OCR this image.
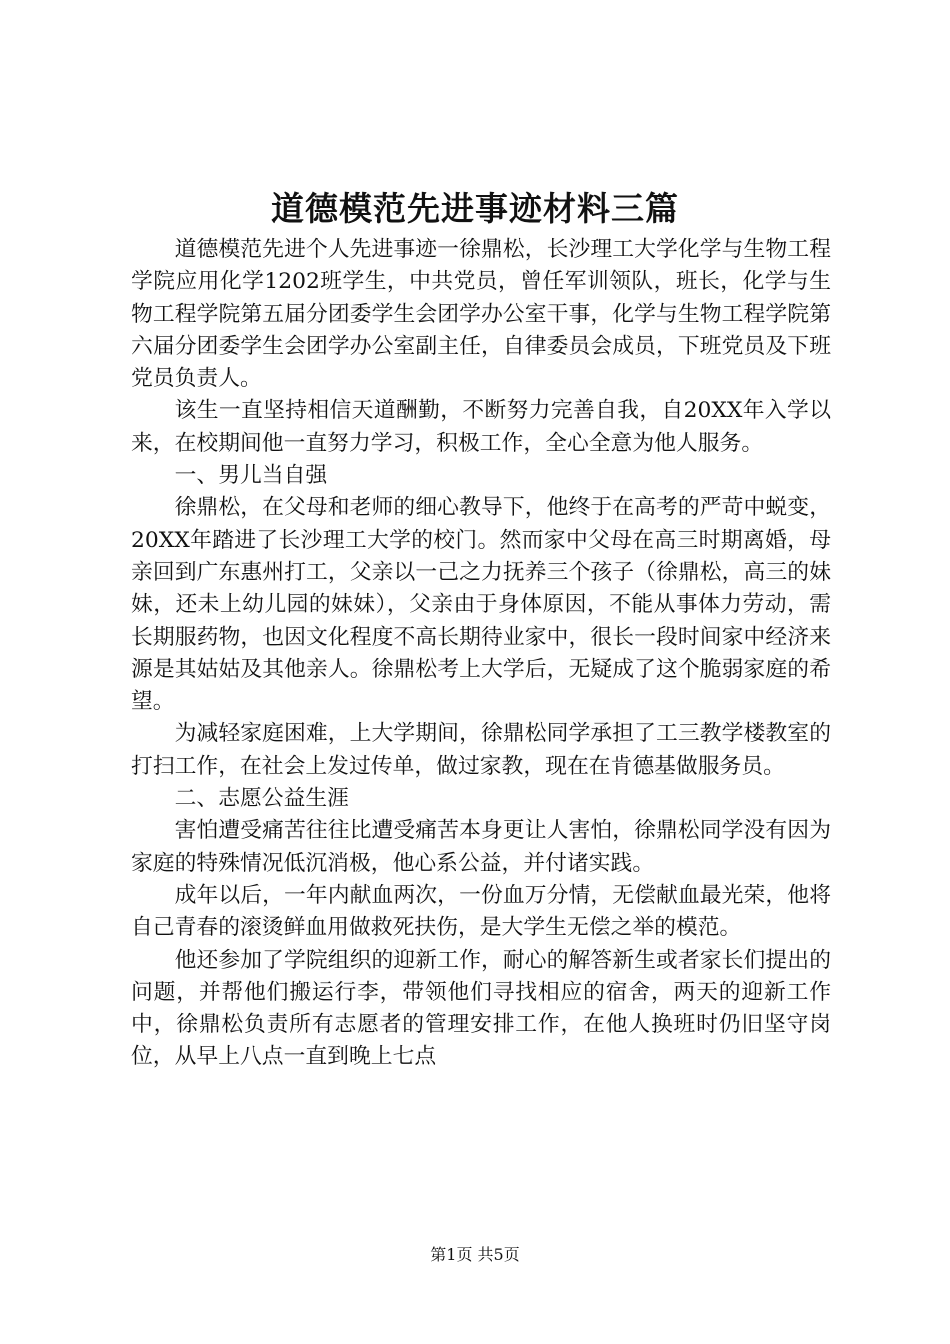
道德模范先进事迹材料三篇

道德模范先进个人先进事迹一徐鼎松，长沙理工大学化学与生物工程学院应用化学1202班学生，中共党员，曾任军训领队，班长，化学与生物工程学院第五届分团委学生会团学办公室干事，化学与生物工程学院第六届分团委学生会团学办公室副主任，自律委员会成员，下班党员及下班党员负责人。

该生一直坚持相信天道酬勤，不断努力完善自我，自20XX年入学以来，在校期间他一直努力学习，积极工作，全心全意为他人服务。

一、男儿当自强

徐鼎松，在父母和老师的细心教导下，他终于在高考的严苛中蜕变，20XX年踏进了长沙理工大学的校门。然而家中父母在高三时期离婚，母亲回到广东惠州打工，父亲以一己之力抚养三个孩子（徐鼎松，高三的妹妹，还未上幼儿园的妹妹），父亲由于身体原因，不能从事体力劳动，需长期服药物，也因文化程度不高长期待业家中，很长一段时间家中经济来源是其姑姑及其他亲人。徐鼎松考上大学后，无疑成了这个脆弱家庭的希望。

为减轻家庭困难，上大学期间，徐鼎松同学承担了工三教学楼教室的打扫工作，在社会上发过传单，做过家教，现在在肯德基做服务员。

二、志愿公益生涯

害怕遭受痛苦往往比遭受痛苦本身更让人害怕，徐鼎松同学没有因为家庭的特殊情况低沉消极，他心系公益，并付诸实践。

成年以后，一年内献血两次，一份血万分情，无偿献血最光荣，他将自己青春的滚烫鲜血用做救死扶伤，是大学生无偿之举的模范。

他还参加了学院组织的迎新工作，耐心的解答新生或者家长们提出的问题，并帮他们搬运行李，带领他们寻找相应的宿舍，两天的迎新工作中，徐鼎松负责所有志愿者的管理安排工作，在他人换班时仍旧坚守岗位，从早上八点一直到晚上七点

第1页 共5页
